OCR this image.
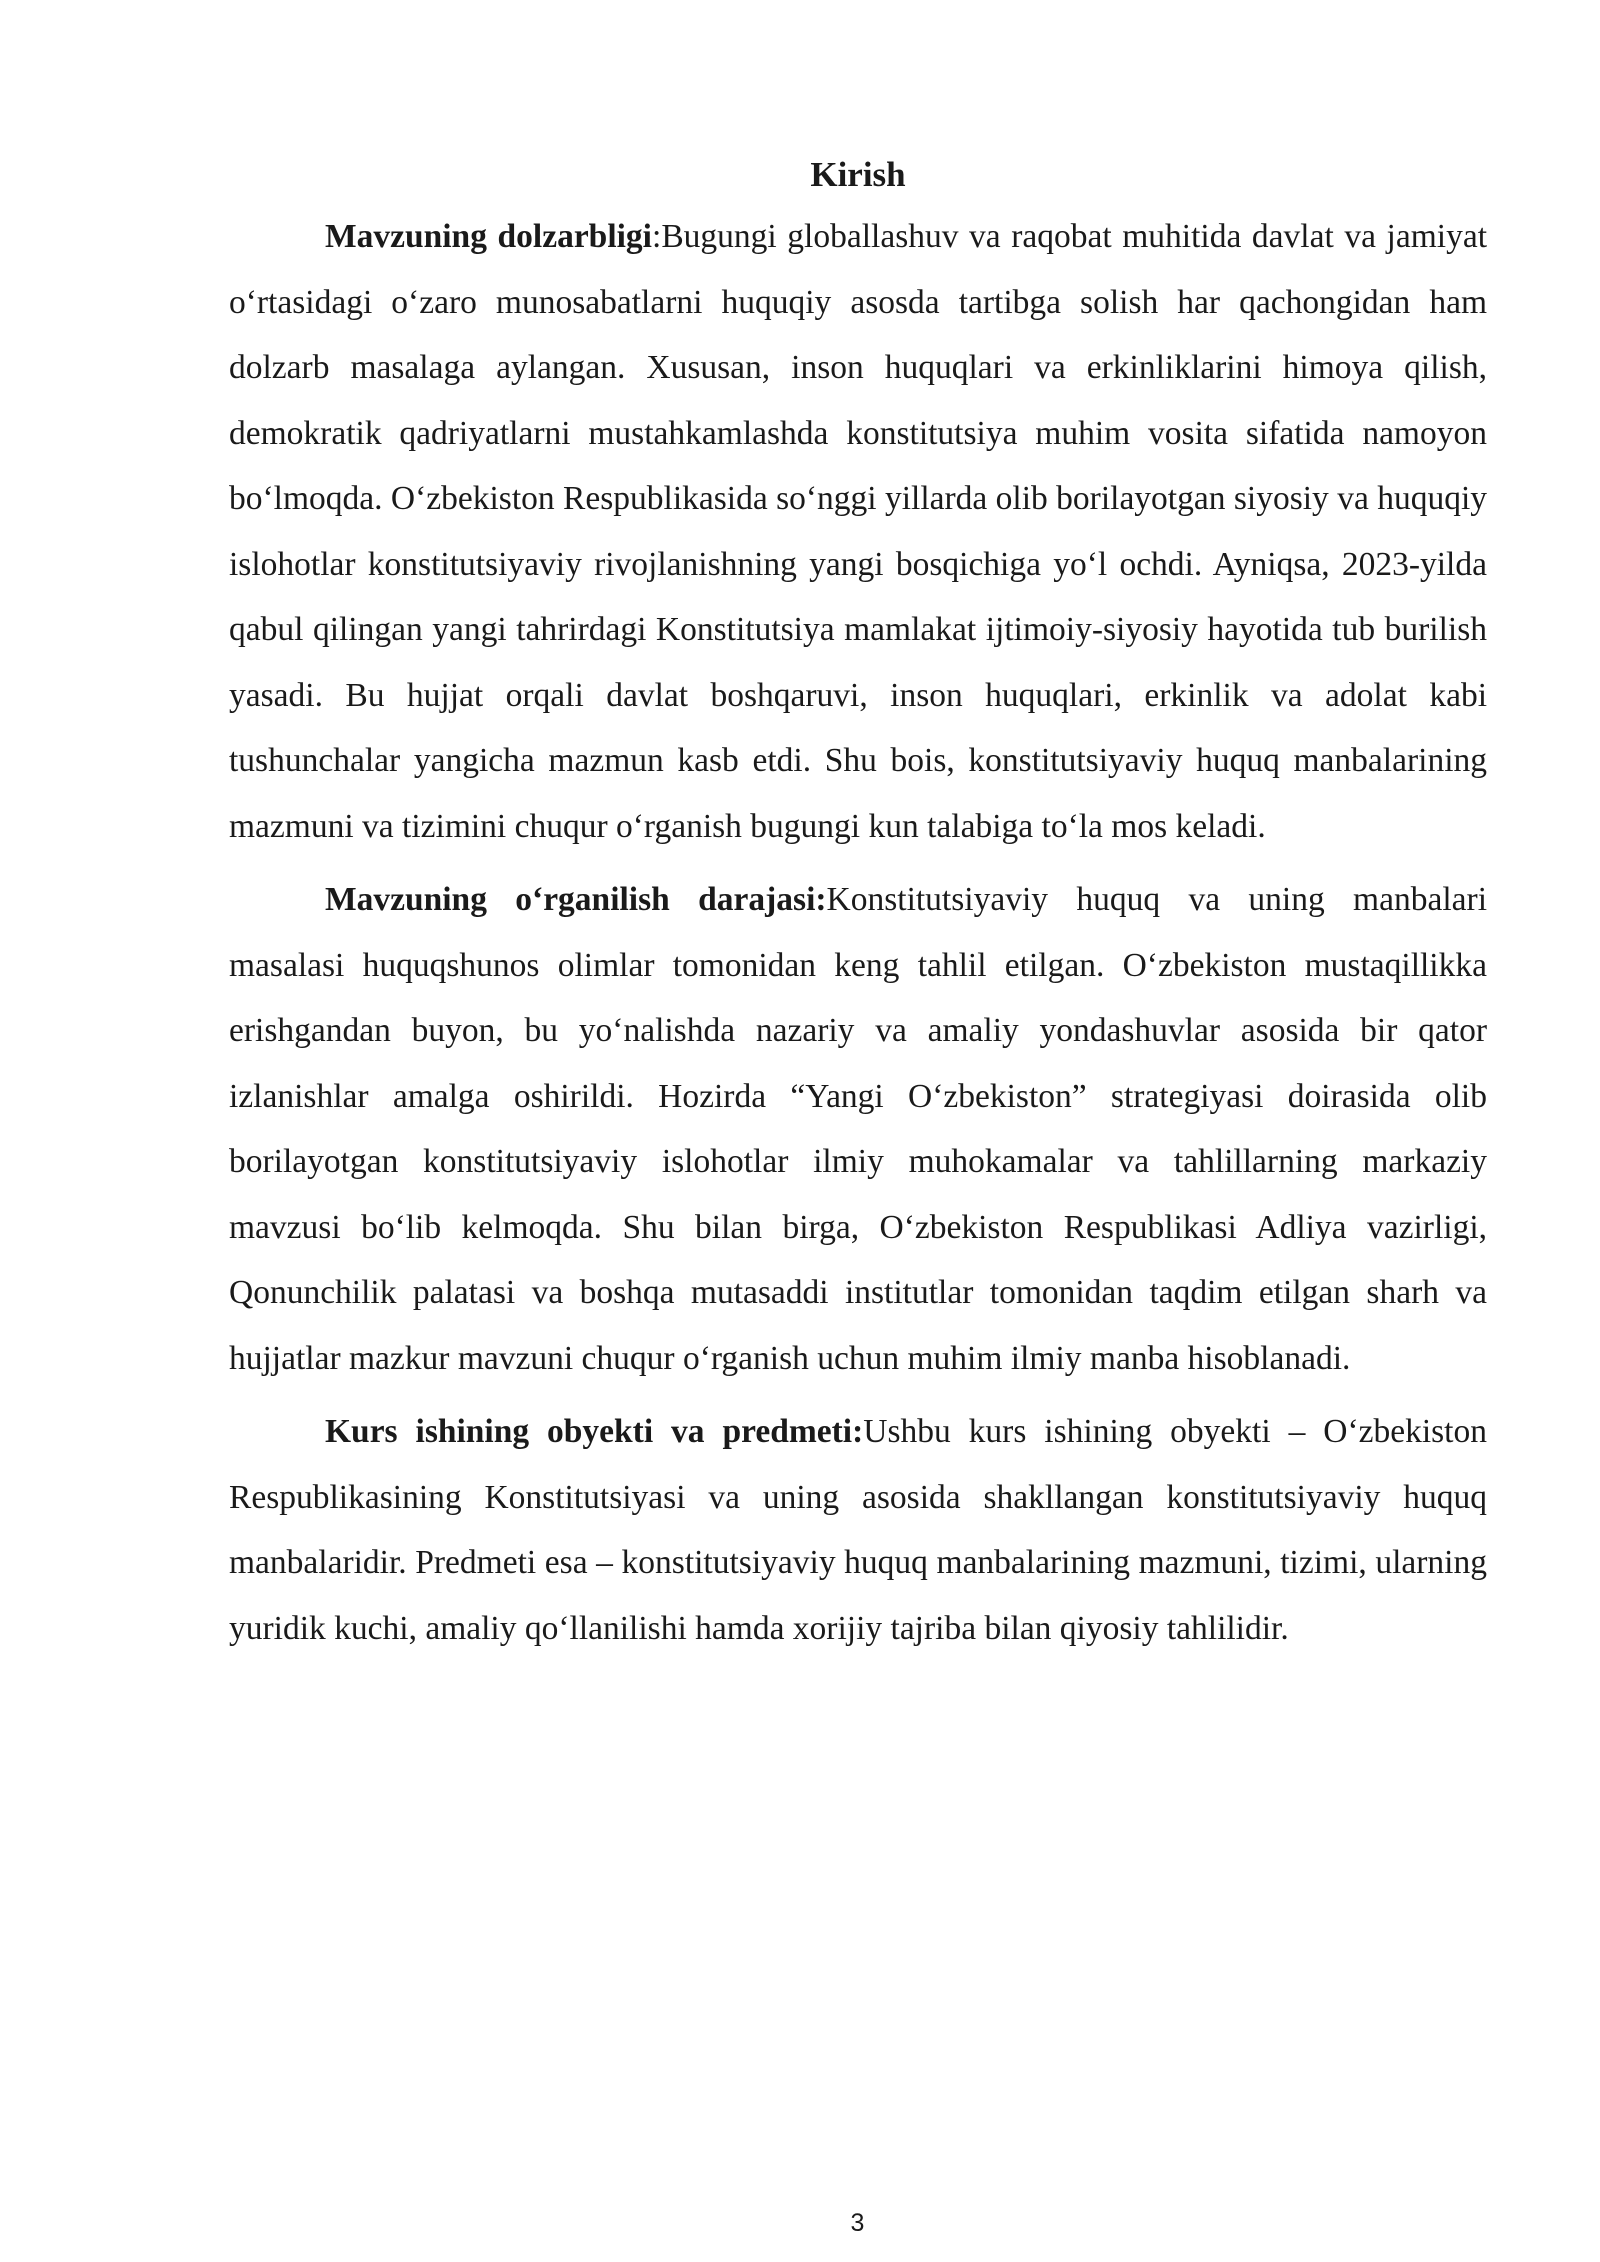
Kirish

Mavzuning dolzarbligi:Bugungi globallashuv va raqobat muhitida davlat va jamiyat o‘rtasidagi o‘zaro munosabatlarni huquqiy asosda tartibga solish har qachongidan ham dolzarb masalaga aylangan. Xususan, inson huquqlari va erkinliklarini himoya qilish, demokratik qadriyatlarni mustahkamlashda konstitutsiya muhim vosita sifatida namoyon bo‘lmoqda. O‘zbekiston Respublikasida so‘nggi yillarda olib borilayotgan siyosiy va huquqiy islohotlar konstitutsiyaviy rivojlanishning yangi bosqichiga yo‘l ochdi. Ayniqsa, 2023-yilda qabul qilingan yangi tahrirdagi Konstitutsiya mamlakat ijtimoiy-siyosiy hayotida tub burilish yasadi. Bu hujjat orqali davlat boshqaruvi, inson huquqlari, erkinlik va adolat kabi tushunchalar yangicha mazmun kasb etdi. Shu bois, konstitutsiyaviy huquq manbalarining mazmuni va tizimini chuqur o‘rganish bugungi kun talabiga to‘la mos keladi.

Mavzuning o‘rganilish darajasi:Konstitutsiyaviy huquq va uning manbalari masalasi huquqshunos olimlar tomonidan keng tahlil etilgan. O‘zbekiston mustaqillikka erishgandan buyon, bu yo‘nalishda nazariy va amaliy yondashuvlar asosida bir qator izlanishlar amalga oshirildi. Hozirda “Yangi O‘zbekiston” strategiyasi doirasida olib borilayotgan konstitutsiyaviy islohotlar ilmiy muhokamalar va tahlillarning markaziy mavzusi bo‘lib kelmoqda. Shu bilan birga, O‘zbekiston Respublikasi Adliya vazirligi, Qonunchilik palatasi va boshqa mutasaddi institutlar tomonidan taqdim etilgan sharh va hujjatlar mazkur mavzuni chuqur o‘rganish uchun muhim ilmiy manba hisoblanadi.

Kurs ishining obyekti va predmeti:Ushbu kurs ishining obyekti – O‘zbekiston Respublikasining Konstitutsiyasi va uning asosida shakllangan konstitutsiyaviy huquq manbalaridir. Predmeti esa – konstitutsiyaviy huquq manbalarining mazmuni, tizimi, ularning yuridik kuchi, amaliy qo‘llanilishi hamda xorijiy tajriba bilan qiyosiy tahlilidir.

3
